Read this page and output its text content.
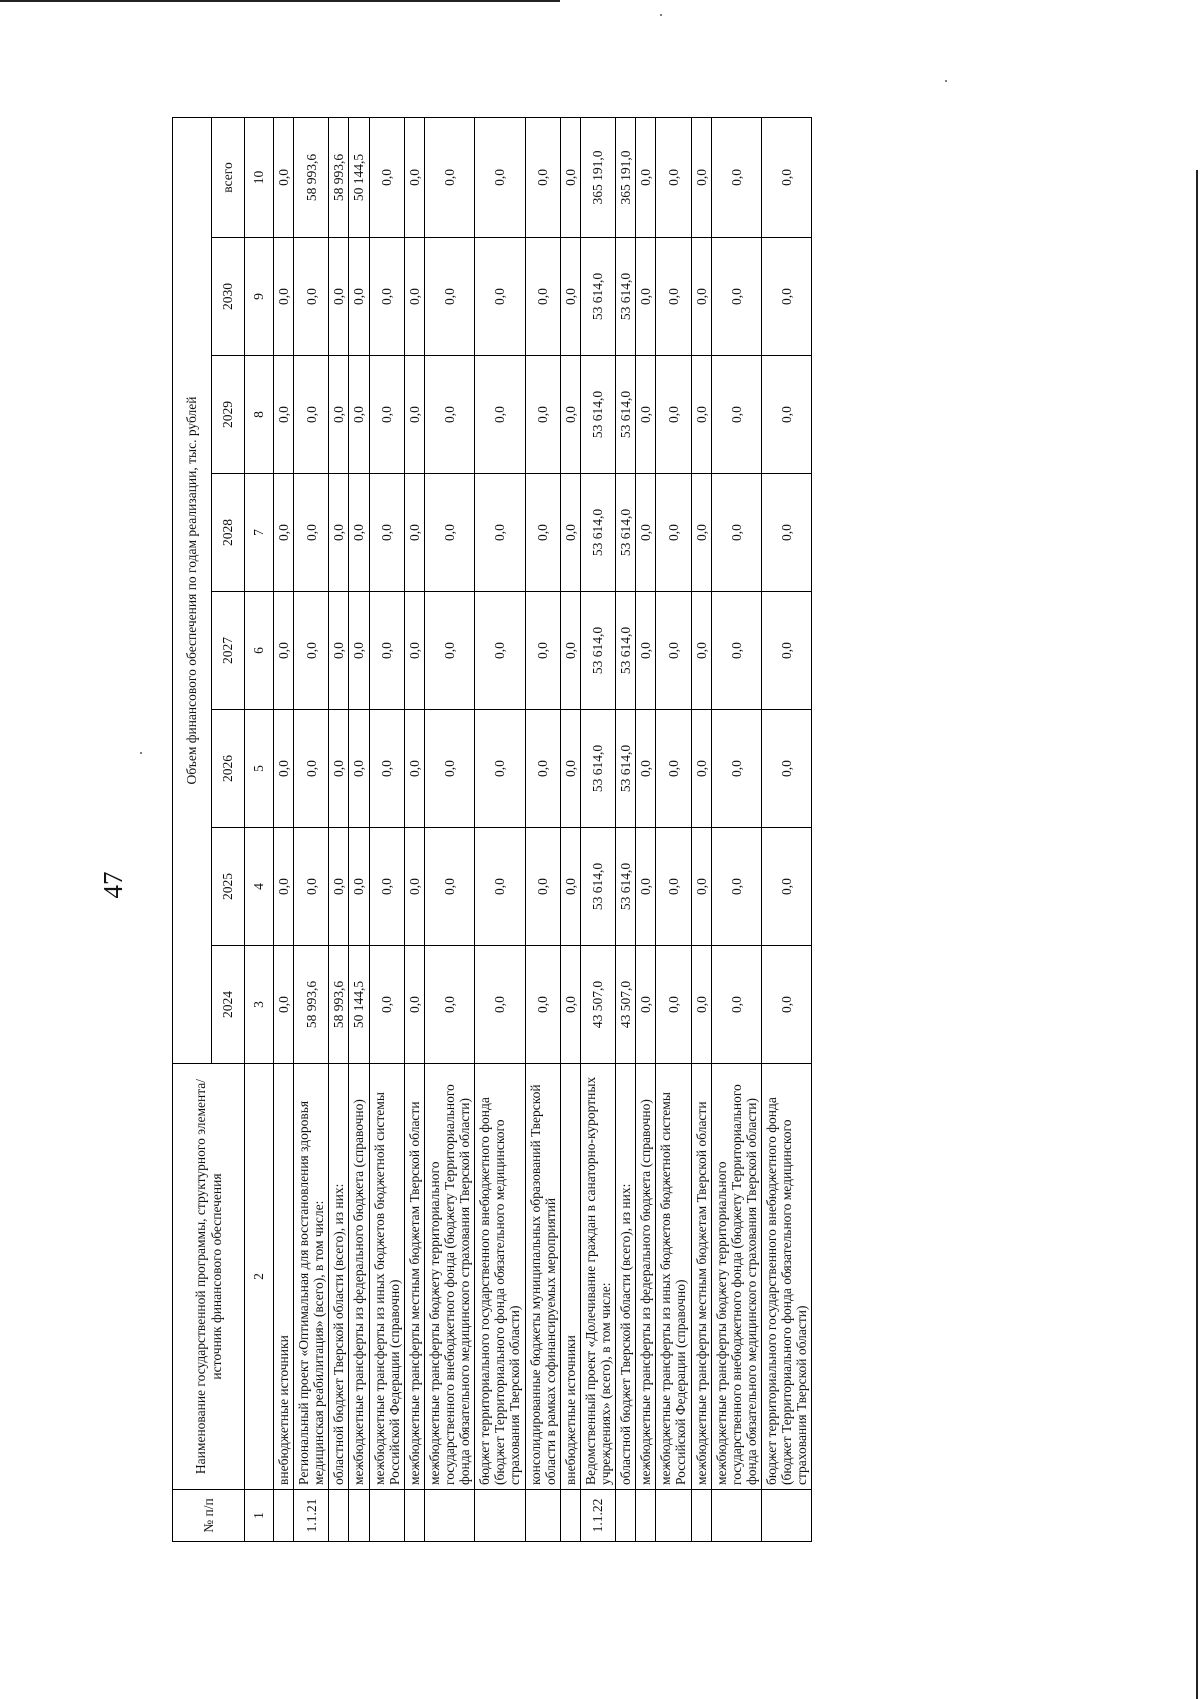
47
№ п/п	Наименование государственной программы, структурного элемента/источник финансового обеспечения	Объем финансового обеспечения по годам реализации, тыс. рублей							
		2024	2025	2026	2027	2028	2029	2030	всего
1	2	3	4	5	6	7	8	9	10
	внебюджетные источники	0,0	0,0	0,0	0,0	0,0	0,0	0,0	0,0
1.1.21	Региональный проект «Оптимальная для восстановления здоровья медицинская реабилитация» (всего), в том числе:	58 993,6	0,0	0,0	0,0	0,0	0,0	0,0	58 993,6
	областной бюджет Тверской области (всего), из них:	58 993,6	0,0	0,0	0,0	0,0	0,0	0,0	58 993,6
	межбюджетные трансферты из федерального бюджета (справочно)	50 144,5	0,0	0,0	0,0	0,0	0,0	0,0	50 144,5
	межбюджетные трансферты из иных бюджетов бюджетной системы Российской Федерации (справочно)	0,0	0,0	0,0	0,0	0,0	0,0	0,0	0,0
	межбюджетные трансферты местным бюджетам Тверской области	0,0	0,0	0,0	0,0	0,0	0,0	0,0	0,0
	межбюджетные трансферты бюджету территориального государственного внебюджетного фонда (бюджету Территориального фонда обязательного медицинского страхования Тверской области)	0,0	0,0	0,0	0,0	0,0	0,0	0,0	0,0
	бюджет территориального государственного внебюджетного фонда (бюджет Территориального фонда обязательного медицинского страхования Тверской области)	0,0	0,0	0,0	0,0	0,0	0,0	0,0	0,0
	консолидированные бюджеты муниципальных образований Тверской области в рамках софинансируемых мероприятий	0,0	0,0	0,0	0,0	0,0	0,0	0,0	0,0
	внебюджетные источники	0,0	0,0	0,0	0,0	0,0	0,0	0,0	0,0
1.1.22	Ведомственный проект «Долечивание граждан в санаторно-курортных учреждениях» (всего), в том числе:	43 507,0	53 614,0	53 614,0	53 614,0	53 614,0	53 614,0	53 614,0	365 191,0
	областной бюджет Тверской области (всего), из них:	43 507,0	53 614,0	53 614,0	53 614,0	53 614,0	53 614,0	53 614,0	365 191,0
	межбюджетные трансферты из федерального бюджета (справочно)	0,0	0,0	0,0	0,0	0,0	0,0	0,0	0,0
	межбюджетные трансферты из иных бюджетов бюджетной системы Российской Федерации (справочно)	0,0	0,0	0,0	0,0	0,0	0,0	0,0	0,0
	межбюджетные трансферты местным бюджетам Тверской области	0,0	0,0	0,0	0,0	0,0	0,0	0,0	0,0
	межбюджетные трансферты бюджету территориального государственного внебюджетного фонда (бюджету Территориального фонда обязательного медицинского страхования Тверской области)	0,0	0,0	0,0	0,0	0,0	0,0	0,0	0,0
	бюджет территориального государственного внебюджетного фонда (бюджет Территориального фонда обязательного медицинского страхования Тверской области)	0,0	0,0	0,0	0,0	0,0	0,0	0,0	0,0
